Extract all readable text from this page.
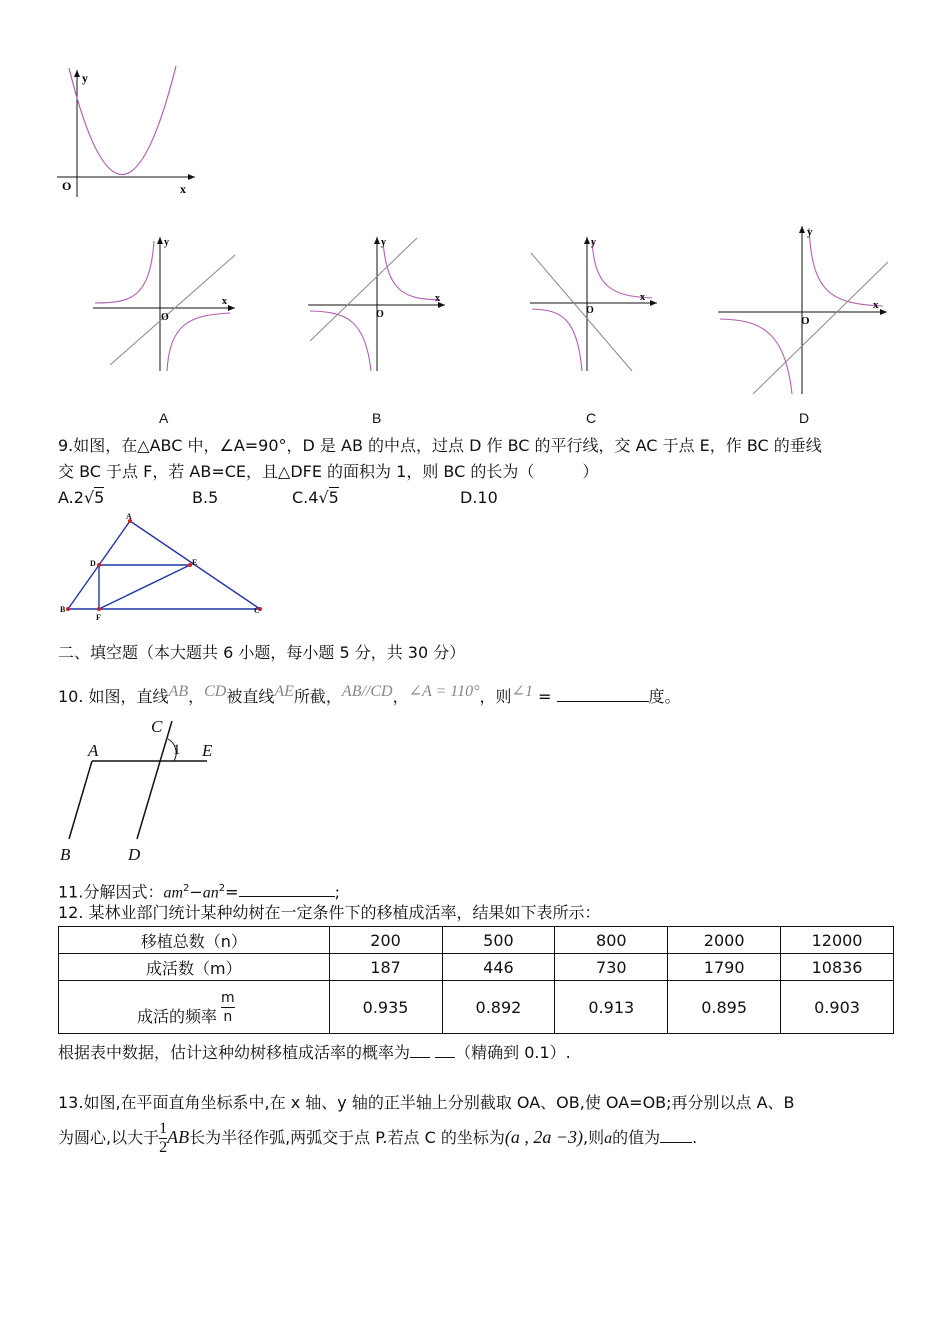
y
x
O
y
x
O
y
x
O
y
x
O
y
x
O
A	B	C	D
9.如图，在△ABC 中，∠A=90°，D 是 AB 的中点，过点 D 作 BC 的平行线，交 AC 于点 E，作 BC 的垂线
交 BC 于点 F，若 AB=CE，且△DFE 的面积为 1，则 BC 的长为（　　　）
A.2√5	B.5	C.4√5	D.10
A
D	E
B
F
C
二、填空题（本大题共 6 小题，每小题 5 分，共 30 分）
10. 如图，直线AB，CD被直线AE所截，AB//CD，∠A = 110°，则∠1 =	度。
A
C
E
B	D
1
11.分解因式：$am^2-an^2=$	;
12. 某林业部门统计某种幼树在一定条件下的移植成活率，结果如下表所示：
移植总数（n）	200	500	800	2000	12000
成活数（m）	187	446	730	1790	10836
成活的频率 $\frac{m}{n}$	0.935	0.892	0.913	0.895	0.903
根据表中数据，估计这种幼树移植成活率的概率为	（精确到 0.1）.
13.如图,在平面直角坐标系中,在 x 轴、y 轴的正半轴上分别截取 OA、OB,使 OA=OB;再分别以点 A、B
为圆心,以大于 $\frac{1}{2}$ AB长为半径作弧,两弧交于点 P.若点 C 的坐标为(a , 2a −3),则a的值为 .
